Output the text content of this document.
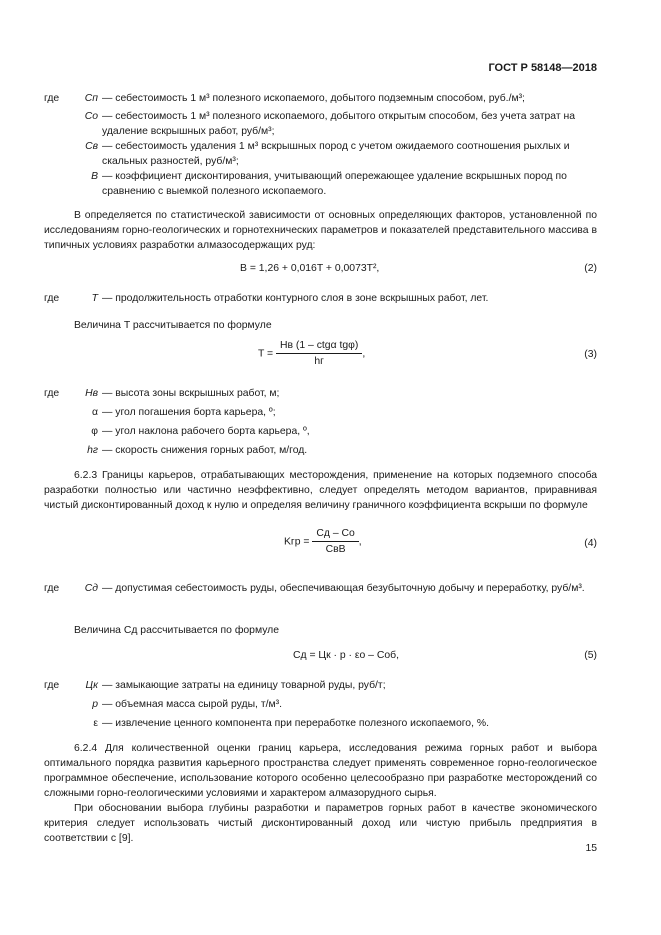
ГОСТ Р 58148—2018
где	Cп — себестоимость 1 м³ полезного ископаемого, добытого подземным способом, руб./м³;
Cо — себестоимость 1 м³ полезного ископаемого, добытого открытым способом, без учета затрат на удаление вскрышных работ, руб/м³;
Cв — себестоимость удаления 1 м³ вскрышных пород с учетом ожидаемого соотношения рыхлых и скальных разностей, руб/м³;
B — коэффициент дисконтирования, учитывающий опережающее удаление вскрышных пород по сравнению с выемкой полезного ископаемого.
B определяется по статистической зависимости от основных определяющих факторов, установленной по исследованиям горно-геологических и горнотехнических параметров и показателей представительного массива в типичных условиях разработки алмазосодержащих руд:
B = 1,26 + 0,016T + 0,0073T²,	(2)
где	T — продолжительность отработки контурного слоя в зоне вскрышных работ, лет.
Величина T рассчитывается по формуле
$T = \frac{\text{Hв (1 – ctgα tgφ)}}{hг}$ ,	(3)
где	Hв — высота зоны вскрышных работ, м;
α — угол погашения борта карьера, º;
φ — угол наклона рабочего борта карьера, º,
hг — скорость снижения горных работ, м/год.
6.2.3 Границы карьеров, отрабатывающих месторождения, применение на которых подземного способа разработки полностью или частично неэффективно, следует определять методом вариантов, приравнивая чистый дисконтированный доход к нулю и определяя величину граничного коэффициента вскрыши по формуле
Kгр = $\frac{Cд - Cо}{\text{CвB}}$ ,	(4)
где	Cд — допустимая себестоимость руды, обеспечивающая безубыточную добычу и переработку, руб/м³.
Величина Cд рассчитывается по формуле
Cд = Цк · p · εо – Cоб,	(5)
где	Цк — замыкающие затраты на единицу товарной руды, руб/т;
p — объемная масса сырой руды, т/м³.
ε — извлечение ценного компонента при переработке полезного ископаемого, %.
6.2.4 Для количественной оценки границ карьера, исследования режима горных работ и выбора оптимального порядка развития карьерного пространства следует применять современное горно-геологическое программное обеспечение, использование которого особенно целесообразно при разработке месторождений со сложными горно-геологическими условиями и характером алмазорудного сырья.
При обосновании выбора глубины разработки и параметров горных работ в качестве экономического критерия следует использовать чистый дисконтированный доход или чистую прибыль предприятия в соответствии с [9].
15
